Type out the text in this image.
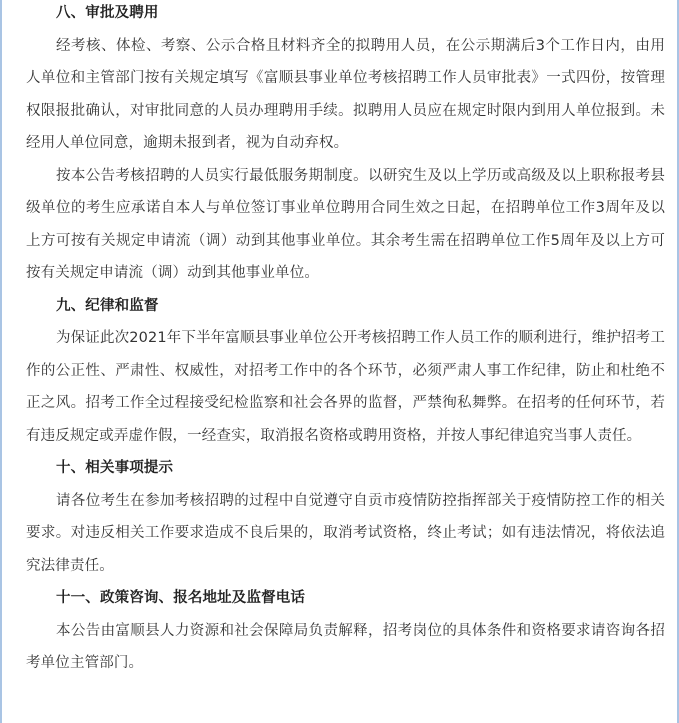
八、审批及聘用

经考核、体检、考察、公示合格且材料齐全的拟聘用人员，在公示期满后3个工作日内，由用人单位和主管部门按有关规定填写《富顺县事业单位考核招聘工作人员审批表》一式四份，按管理权限报批确认，对审批同意的人员办理聘用手续。拟聘用人员应在规定时限内到用人单位报到。未经用人单位同意，逾期未报到者，视为自动弃权。

按本公告考核招聘的人员实行最低服务期制度。以研究生及以上学历或高级及以上职称报考县级单位的考生应承诺自本人与单位签订事业单位聘用合同生效之日起，在招聘单位工作3周年及以上方可按有关规定申请流（调）动到其他事业单位。其余考生需在招聘单位工作5周年及以上方可按有关规定申请流（调）动到其他事业单位。

九、纪律和监督

为保证此次2021年下半年富顺县事业单位公开考核招聘工作人员工作的顺利进行，维护招考工作的公正性、严肃性、权威性，对招考工作中的各个环节，必须严肃人事工作纪律，防止和杜绝不正之风。招考工作全过程接受纪检监察和社会各界的监督，严禁徇私舞弊。在招考的任何环节，若有违反规定或弄虚作假，一经查实，取消报名资格或聘用资格，并按人事纪律追究当事人责任。

十、相关事项提示

请各位考生在参加考核招聘的过程中自觉遵守自贡市疫情防控指挥部关于疫情防控工作的相关要求。对违反相关工作要求造成不良后果的，取消考试资格，终止考试；如有违法情况，将依法追究法律责任。

十一、政策咨询、报名地址及监督电话

本公告由富顺县人力资源和社会保障局负责解释，招考岗位的具体条件和资格要求请咨询各招考单位主管部门。
